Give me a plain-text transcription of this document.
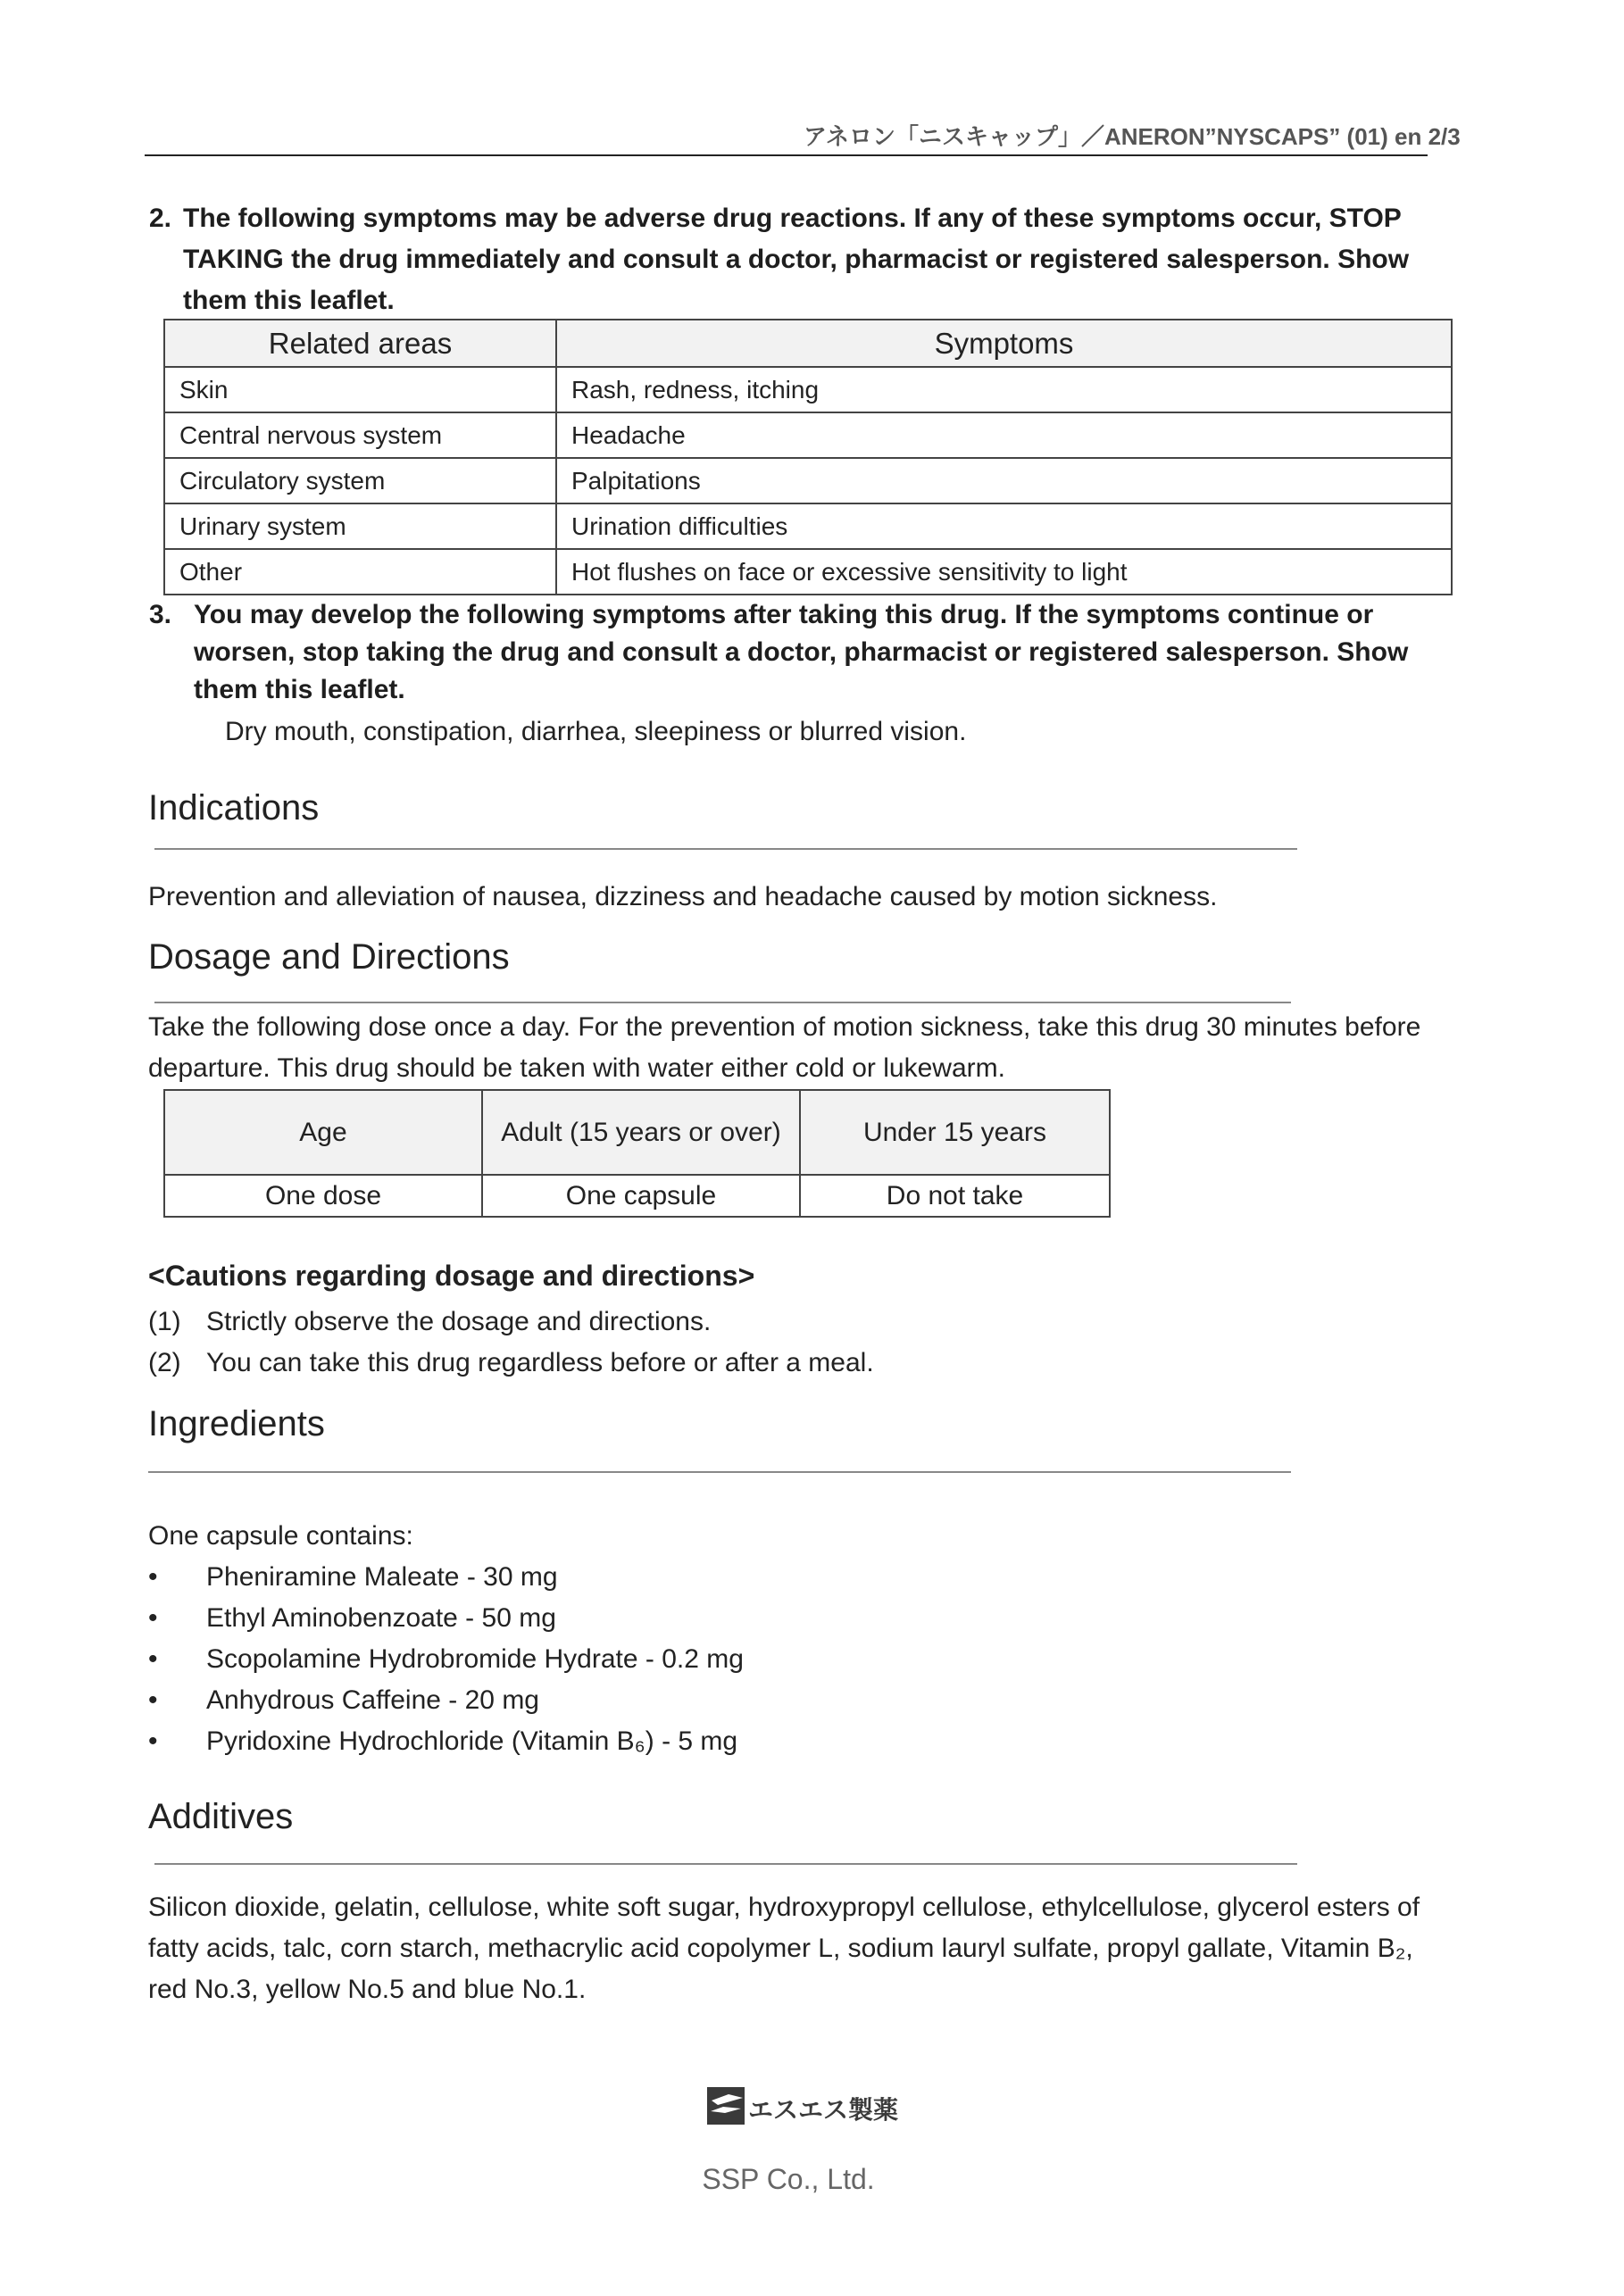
アネロン「ニスキャップ」／ANERON”NYSCAPS” (01) en 2/3
2. The following symptoms may be adverse drug reactions. If any of these symptoms occur, STOP TAKING the drug immediately and consult a doctor, pharmacist or registered salesperson. Show them this leaflet.
Related areas	Symptoms
Skin	Rash, redness, itching
Central nervous system	Headache
Circulatory system	Palpitations
Urinary system	Urination difficulties
Other	Hot flushes on face or excessive sensitivity to light
3. You may develop the following symptoms after taking this drug. If the symptoms continue or worsen, stop taking the drug and consult a doctor, pharmacist or registered salesperson. Show them this leaflet.
Dry mouth, constipation, diarrhea, sleepiness or blurred vision.
Indications
Prevention and alleviation of nausea, dizziness and headache caused by motion sickness.
Dosage and Directions
Take the following dose once a day. For the prevention of motion sickness, take this drug 30 minutes before departure. This drug should be taken with water either cold or lukewarm.
Age	Adult (15 years or over)	Under 15 years
One dose	One capsule	Do not take
<Cautions regarding dosage and directions>
(1) Strictly observe the dosage and directions.
(2) You can take this drug regardless before or after a meal.
Ingredients
One capsule contains:
• Pheniramine Maleate - 30 mg
• Ethyl Aminobenzoate - 50 mg
• Scopolamine Hydrobromide Hydrate - 0.2 mg
• Anhydrous Caffeine - 20 mg
• Pyridoxine Hydrochloride (Vitamin B₆) - 5 mg
Additives
Silicon dioxide, gelatin, cellulose, white soft sugar, hydroxypropyl cellulose, ethylcellulose, glycerol esters of fatty acids, talc, corn starch, methacrylic acid copolymer L, sodium lauryl sulfate, propyl gallate, Vitamin B₂, red No.3, yellow No.5 and blue No.1.
エスエス製薬
SSP Co., Ltd.
